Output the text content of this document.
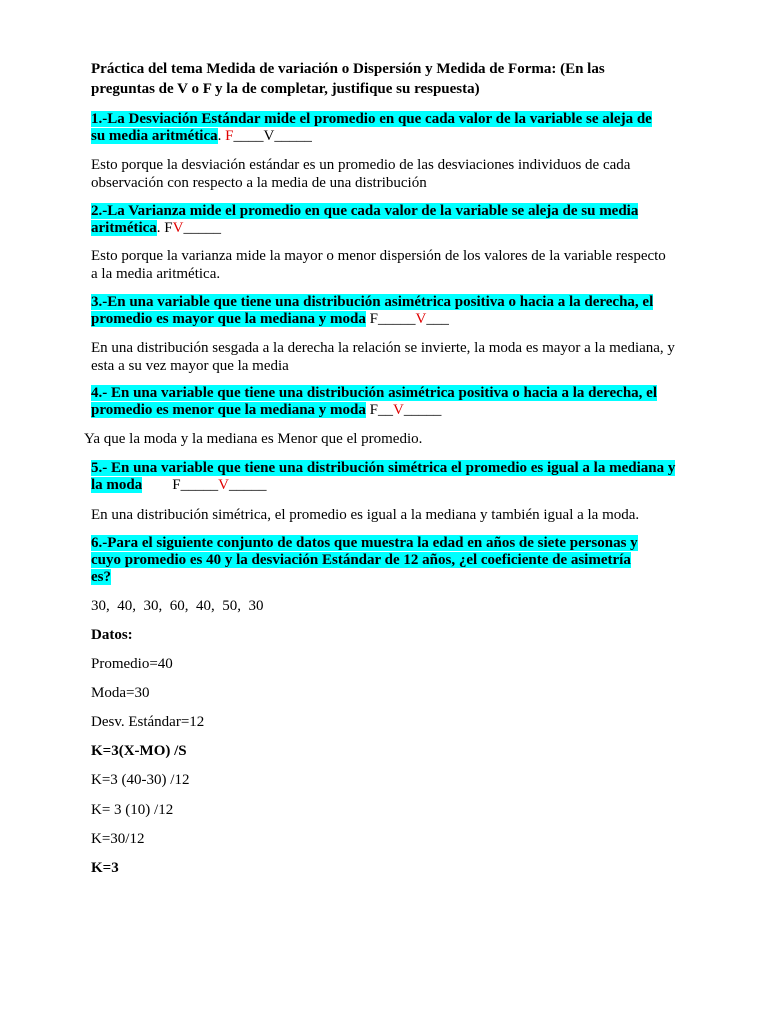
Práctica del tema Medida de variación o Dispersión y Medida de Forma: (En las
preguntas de V o F y la de completar, justifique su respuesta)
1.-La Desviación Estándar mide el promedio en que cada valor de la variable se aleja de
su media aritmética. F____V_____
Esto porque la desviación estándar es un promedio de las desviaciones individuos de cada
observación con respecto a la media de una distribución
2.-La Varianza mide el promedio en que cada valor de la variable se aleja de su media
aritmética. FV_____
Esto porque la varianza mide la mayor o menor dispersión de los valores de la variable respecto
a la media aritmética.
3.-En una variable que tiene una distribución asimétrica positiva o hacia a la derecha, el
promedio es mayor que la mediana y moda F_____V___
En una distribución sesgada a la derecha la relación se invierte, la moda es mayor a la mediana, y
esta a su vez mayor que la media
4.- En una variable que tiene una distribución asimétrica positiva o hacia a la derecha, el
promedio es menor que la mediana y moda F__V_____
Ya que la moda y la mediana es Menor que el promedio.
5.- En una variable que tiene una distribución simétrica el promedio es igual a la mediana y
la moda        F_____V_____
En una distribución simétrica, el promedio es igual a la mediana y también igual a la moda.
6.-Para el siguiente conjunto de datos que muestra la edad en años de siete personas y
cuyo promedio es 40 y la desviación Estándar de 12 años, ¿el coeficiente de asimetría
es?
30,  40,  30,  60,  40,  50,  30
Datos:
Promedio=40
Moda=30
Desv. Estándar=12
K=3(X-MO) /S
K=3 (40-30) /12
K= 3 (10) /12
K=30/12
K=3
